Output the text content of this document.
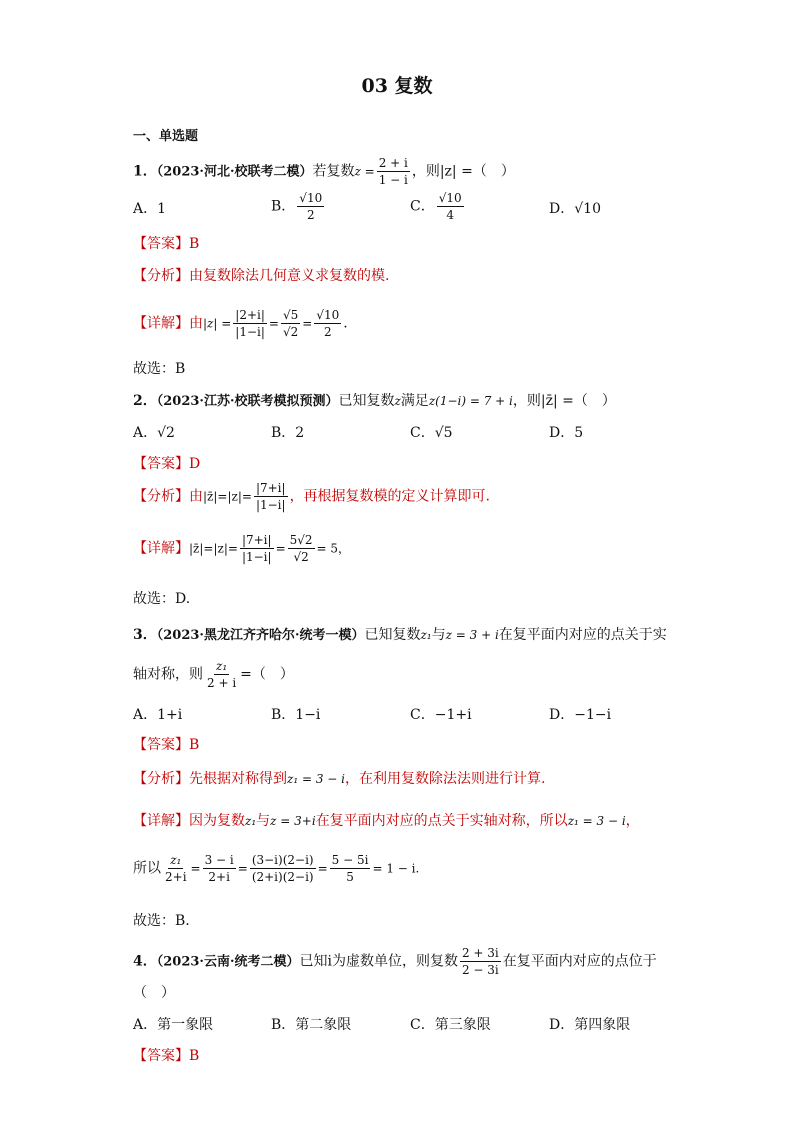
03 复数
一、单选题
1．（2023·河北·校联考二模）若复数$z = \frac{2 + i}{1 - i}$ ，则|z| =（　）
A．1	B． $\frac{√10}{2}$	C． $\frac{√10}{4}$	D．√10
【答案】B
【分析】由复数除法几何意义求复数的模.
【详解】由$|z| = \frac{|2+i|}{|1-i|} = \frac{√5}{√2} = \frac{√10}{2}$ .
故选：B
2．（2023·江苏·校联考模拟预测）已知复数z满足z(1−i) = 7 + i，则|z̄| =（　）
A．√2	B．2	C．√5	D．5
【答案】D
【分析】由|z̄|=|z|= $\frac{|7+i|}{|1-i|}$ ，再根据复数模的定义计算即可.
【详解】|z̄|=|z|= $\frac{|7+i|}{|1-i|} = \frac{5√2}{√2} = 5$，
故选：D.
3．（2023·黑龙江齐齐哈尔·统考一模）已知复数z₁与z = 3 + i在复平面内对应的点关于实
轴对称，则 $\frac{\text{z₁}}{2 + i}$ =（　）
A．1+i	B．1−i	C．−1+i	D．−1−i
【答案】B
【分析】先根据对称得到z₁ = 3 − i，在利用复数除法法则进行计算.
【详解】因为复数z₁与z = 3+i在复平面内对应的点关于实轴对称，所以z₁ = 3 − i，
所以 $\frac{\text{z₁}}{2+i} = \frac{3 - i}{2+i} = \frac{(3-i)(2-i)}{(2+i)(2-i)} = \frac{5 - 5i}{5} = 1 - i$.
故选：B.
4．（2023·云南·统考二模）已知i为虚数单位，则复数 $\frac{2 + 3i}{2 - 3i}$ 在复平面内对应的点位于
（　）
A．第一象限	B．第二象限	C．第三象限	D．第四象限
【答案】B
